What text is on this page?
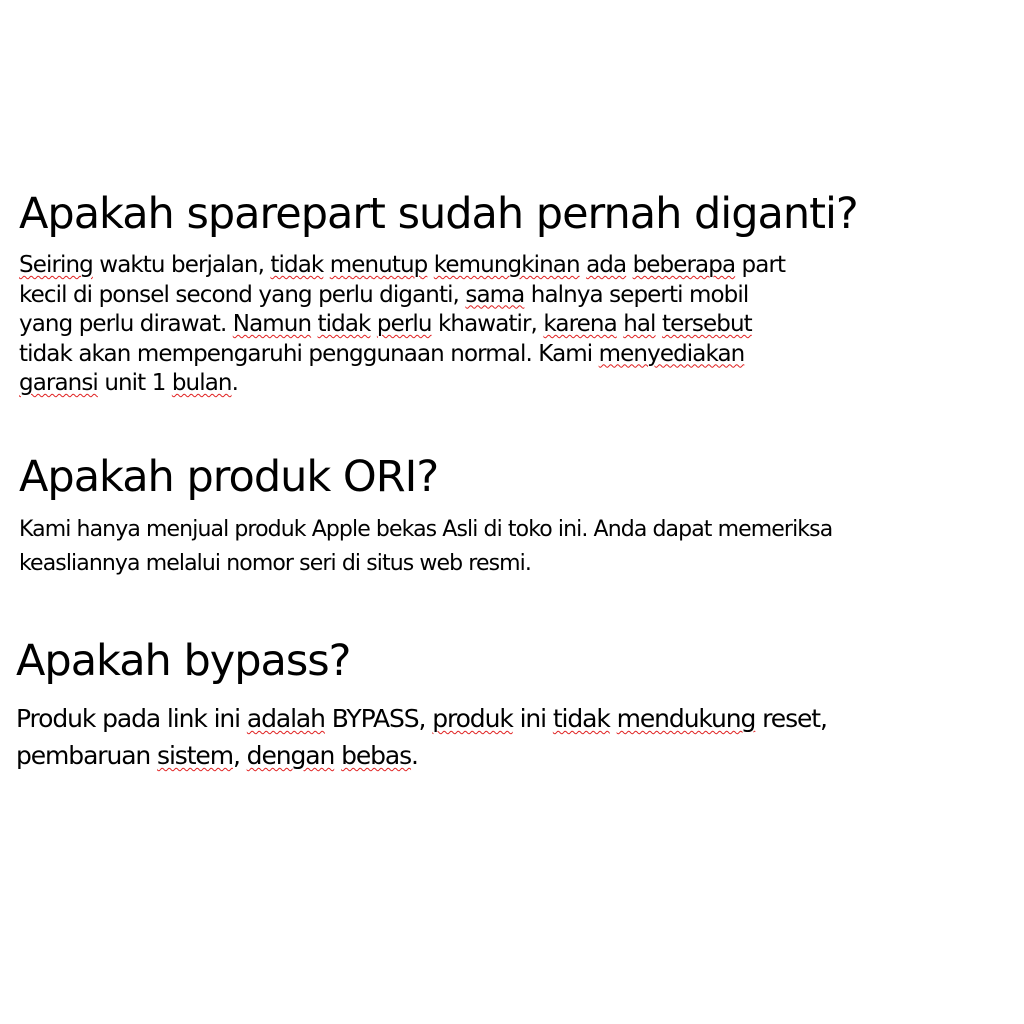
Apakah sparepart sudah pernah diganti?
Seiring waktu berjalan, tidak menutup kemungkinan ada beberapa part
kecil di ponsel second yang perlu diganti, sama halnya seperti mobil
yang perlu dirawat. Namun tidak perlu khawatir, karena hal tersebut
tidak akan mempengaruhi penggunaan normal. Kami menyediakan
garansi unit 1 bulan.
Apakah produk ORI?
Kami hanya menjual produk Apple bekas Asli di toko ini. Anda dapat memeriksa
keasliannya melalui nomor seri di situs web resmi.
Apakah bypass?
Produk pada link ini adalah BYPASS, produk ini tidak mendukung reset,
pembaruan sistem, dengan bebas.
